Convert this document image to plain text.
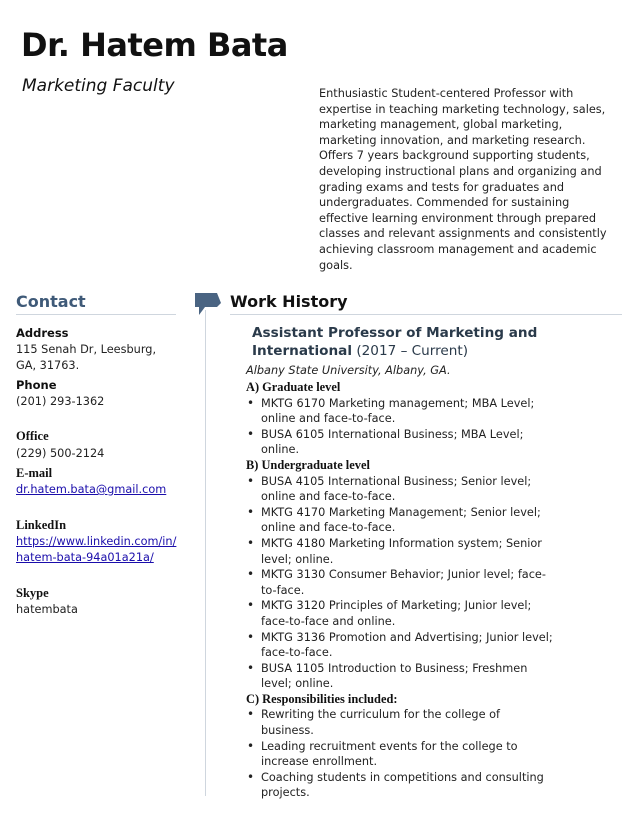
Dr. Hatem Bata
Marketing Faculty	Enthusiastic Student-centered Professor with expertise in teaching marketing technology, sales, marketing management, global marketing, marketing innovation, and marketing research. Offers 7 years background supporting students, developing instructional plans and organizing and grading exams and tests for graduates and undergraduates. Commended for sustaining effective learning environment through prepared classes and relevant assignments and consistently achieving classroom management and academic goals.
Contact
Address
115 Senah Dr, Leesburg, GA, 31763.
Phone
(201) 293-1362
Office
(229) 500-2124
E-mail
dr.hatem.bata@gmail.com
LinkedIn
https://www.linkedin.com/in/
hatem-bata-94a01a21a/
Skype
hatembata
Work History
Assistant Professor of Marketing and International (2017 – Current)
Albany State University, Albany, GA.
A) Graduate level
• MKTG 6170 Marketing management; MBA Level; online and face-to-face.
• BUSA 6105 International Business; MBA Level; online.
B) Undergraduate level
• BUSA 4105 International Business; Senior level; online and face-to-face.
• MKTG 4170 Marketing Management; Senior level; online and face-to-face.
• MKTG 4180 Marketing Information system; Senior level; online.
• MKTG 3130 Consumer Behavior; Junior level; face-to-face.
• MKTG 3120 Principles of Marketing; Junior level; face-to-face and online.
• MKTG 3136 Promotion and Advertising; Junior level; face-to-face.
• BUSA 1105 Introduction to Business; Freshmen level; online.
C) Responsibilities included:
• Rewriting the curriculum for the college of business.
• Leading recruitment events for the college to increase enrollment.
• Coaching students in competitions and consulting projects.
